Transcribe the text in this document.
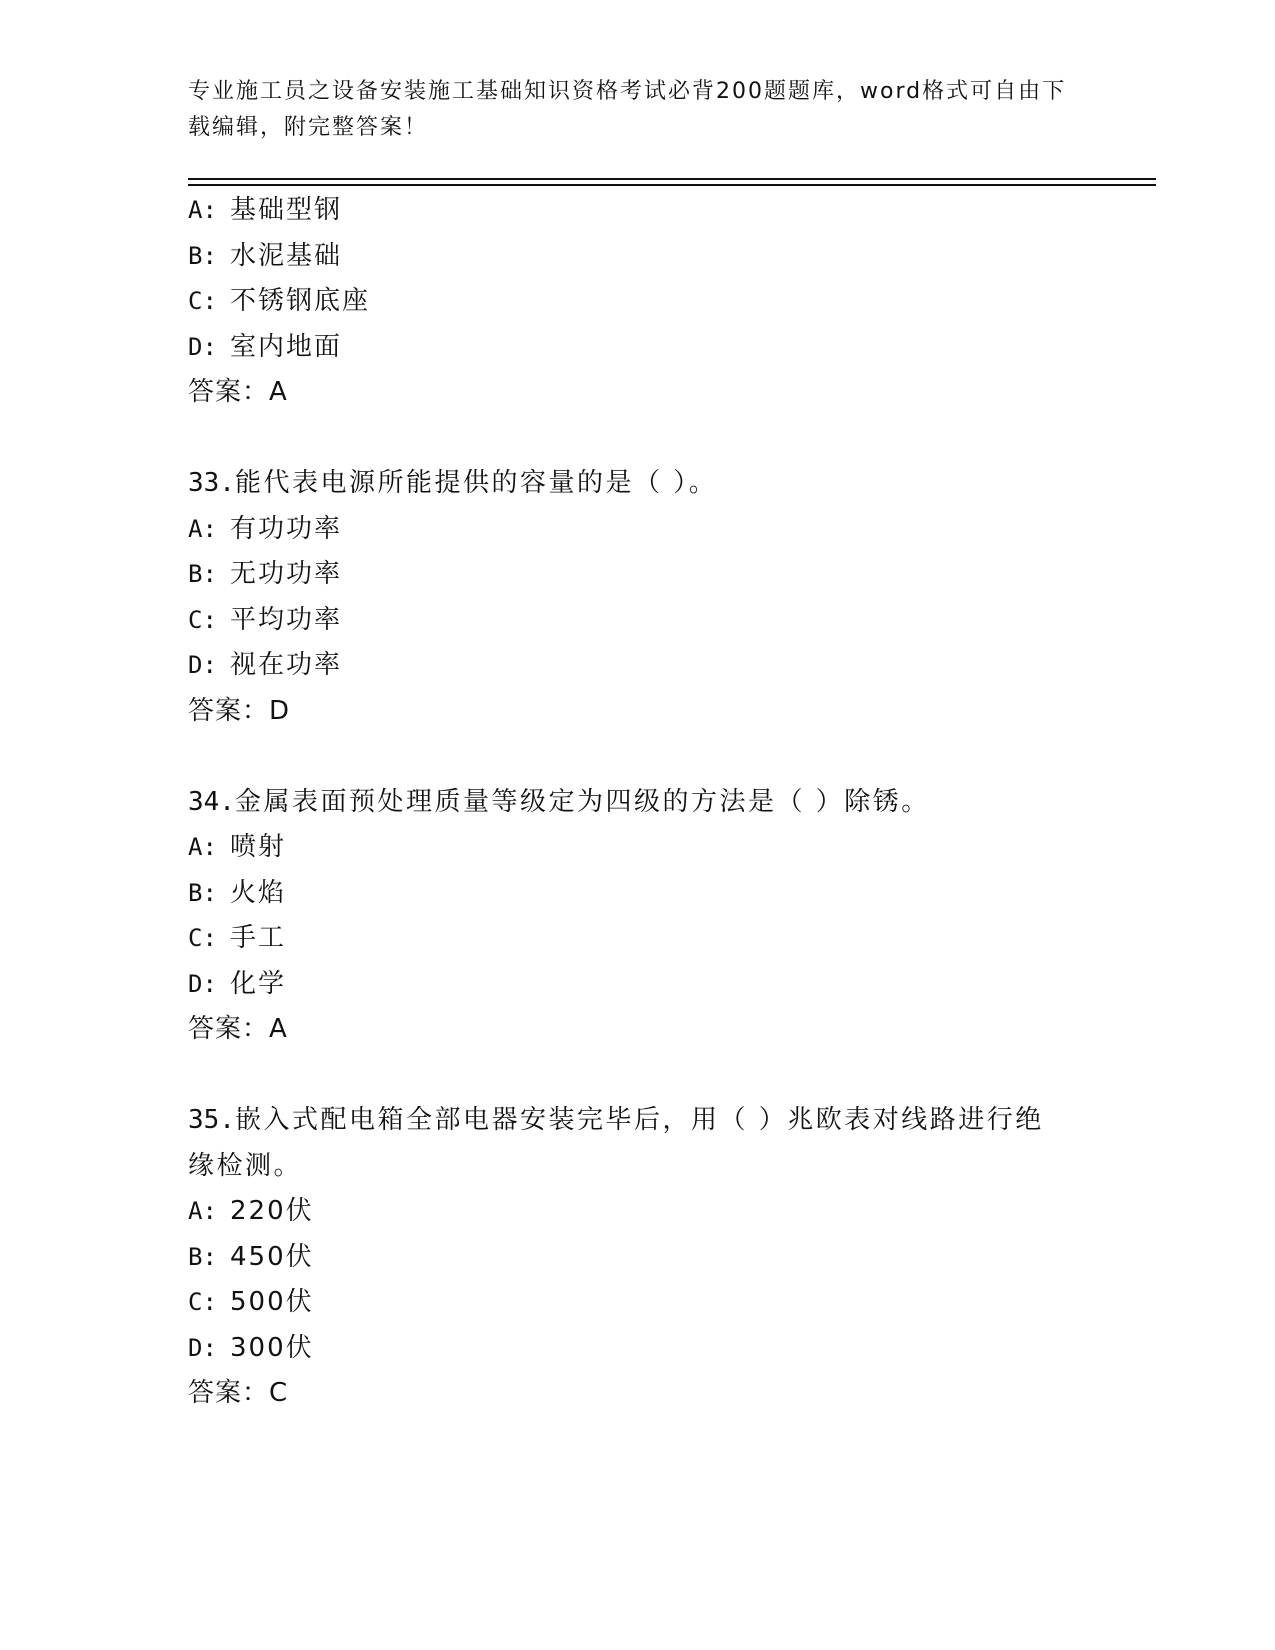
专业施工员之设备安装施工基础知识资格考试必背200题题库，word格式可自由下载编辑，附完整答案！
A: 基础型钢
B: 水泥基础
C: 不锈钢底座
D: 室内地面
答案：A
33.能代表电源所能提供的容量的是（ ）。
A: 有功功率
B: 无功功率
C: 平均功率
D: 视在功率
答案：D
34.金属表面预处理质量等级定为四级的方法是（ ）除锈。
A: 喷射
B: 火焰
C: 手工
D: 化学
答案：A
35.嵌入式配电箱全部电器安装完毕后，用（ ）兆欧表对线路进行绝缘检测。
A: 220伏
B: 450伏
C: 500伏
D: 300伏
答案：C
